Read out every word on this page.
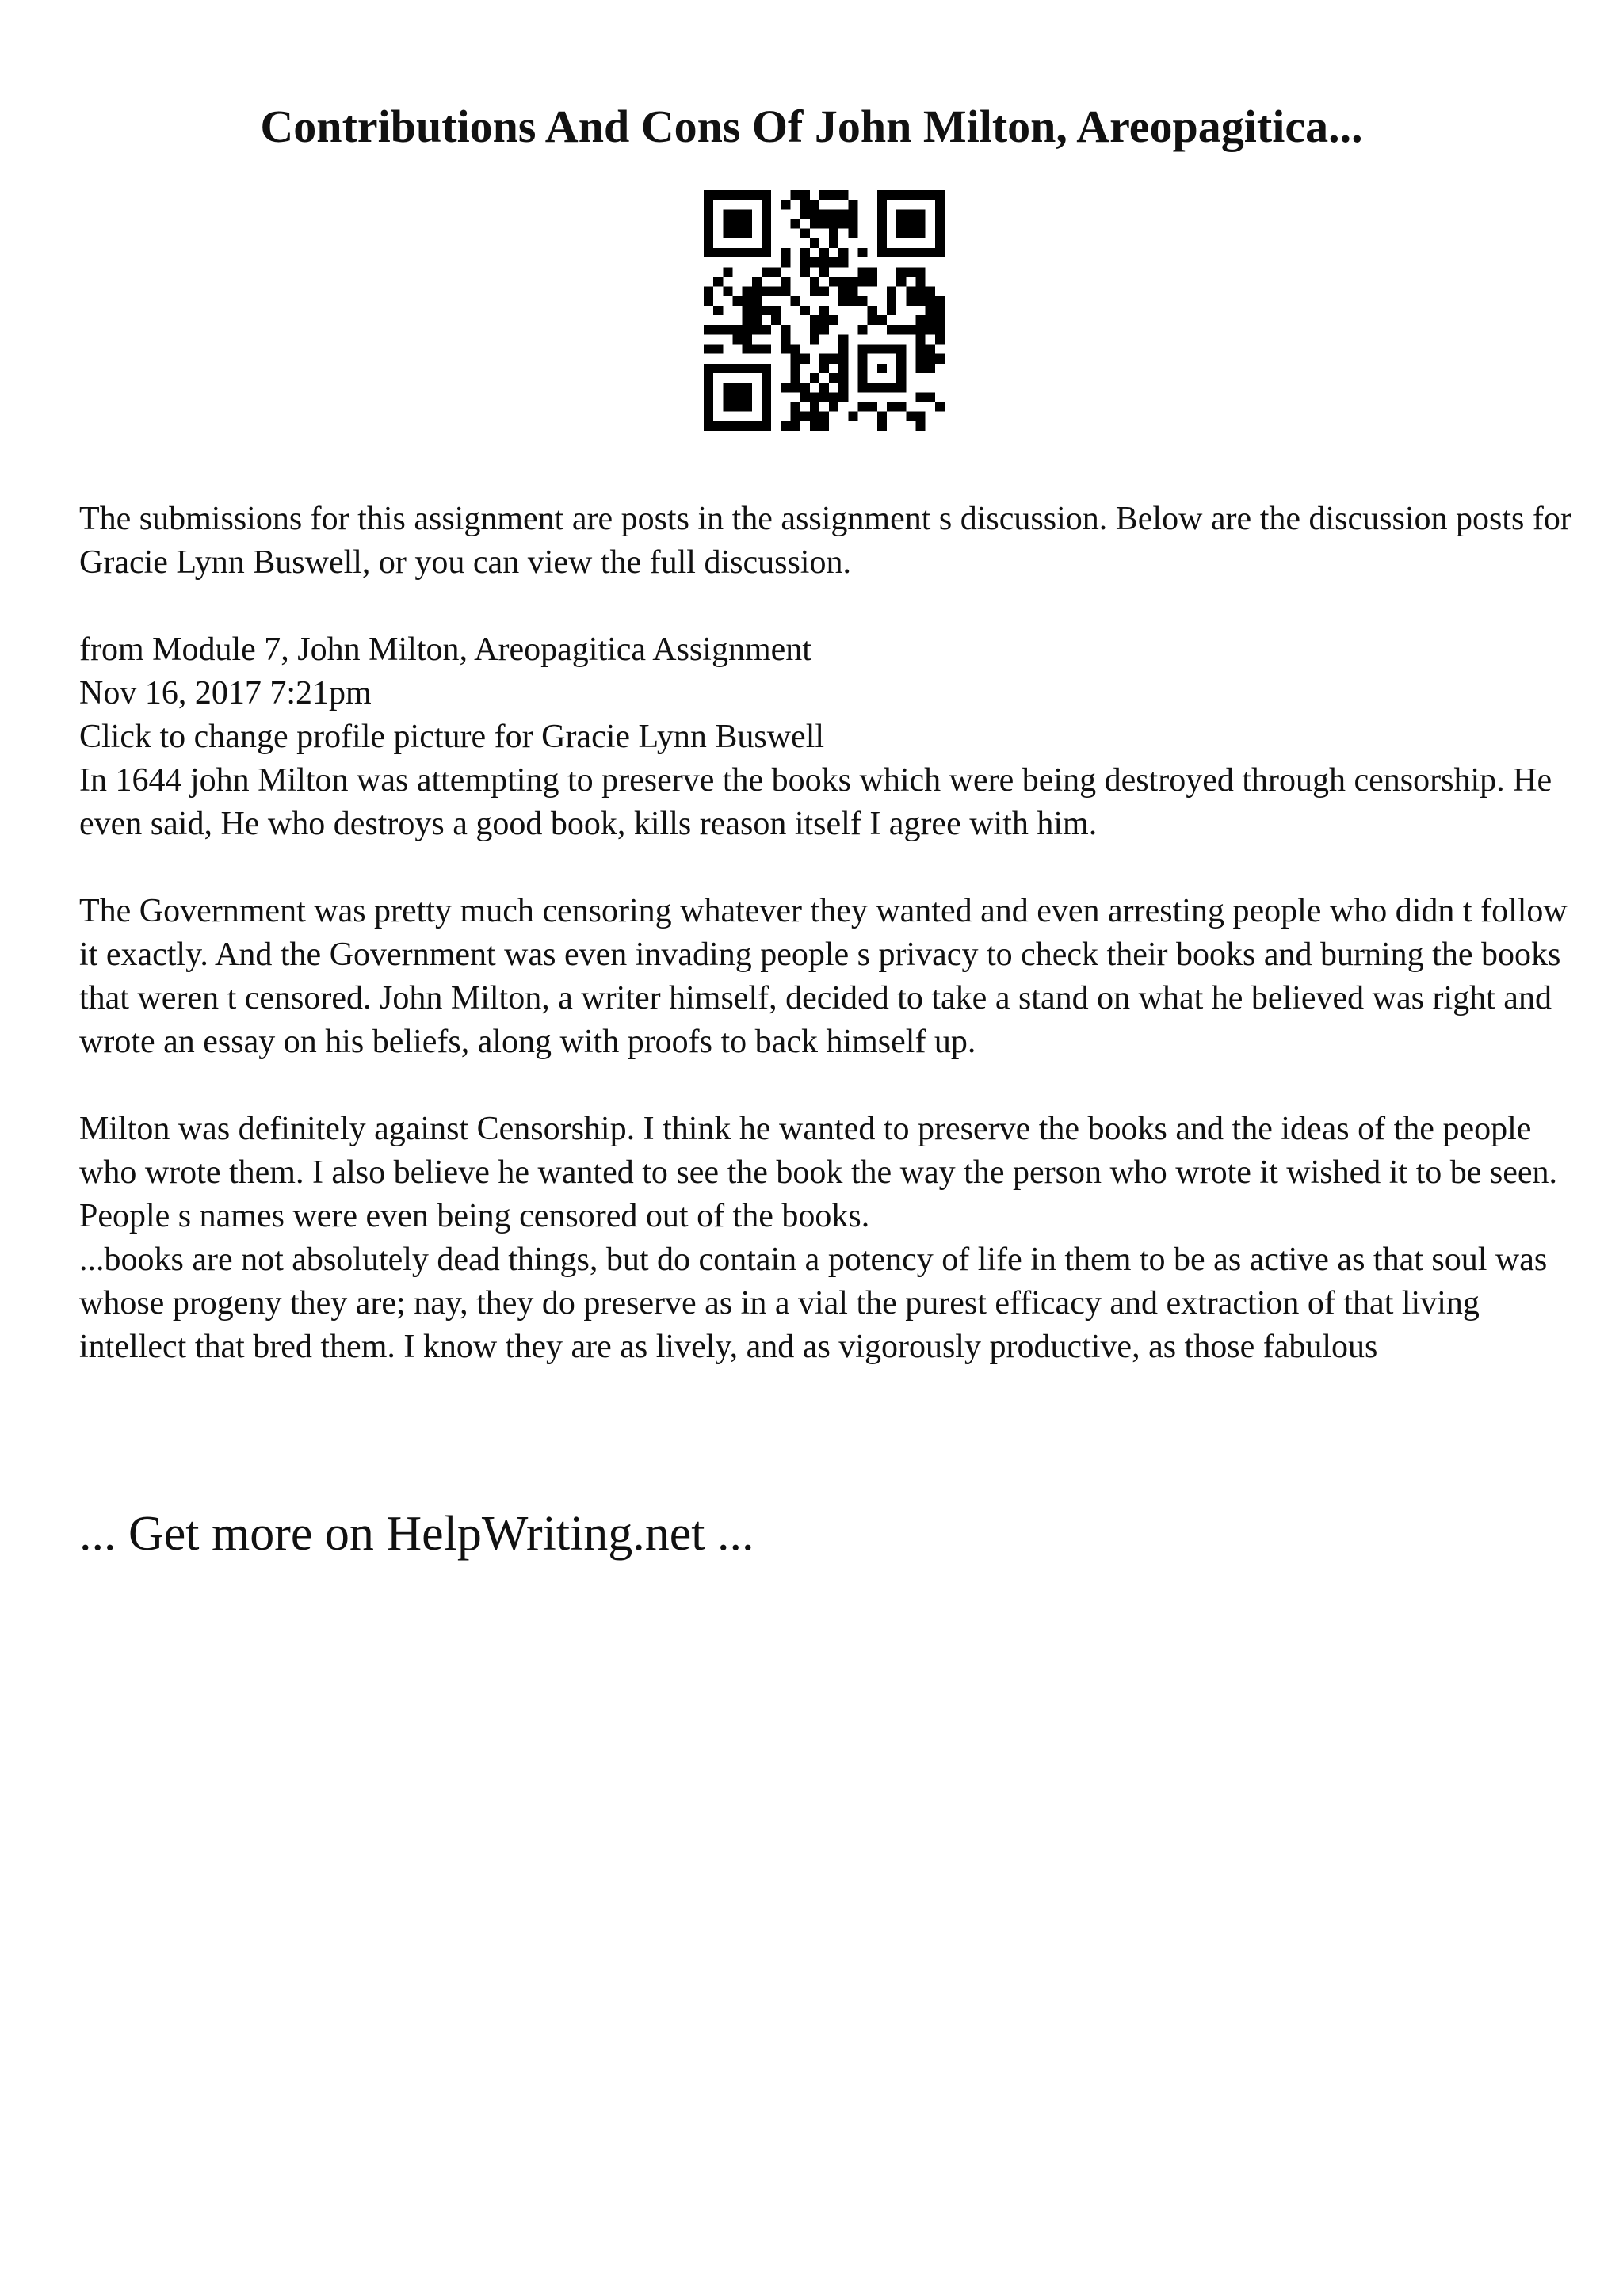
Contributions And Cons Of John Milton, Areopagitica...

The submissions for this assignment are posts in the assignment s discussion. Below are the discussion posts for Gracie Lynn Buswell, or you can view the full discussion.

from Module 7, John Milton, Areopagitica Assignment

Nov 16, 2017 7:21pm

Click to change profile picture for Gracie Lynn Buswell

In 1644 john Milton was attempting to preserve the books which were being destroyed through censorship. He even said, He who destroys a good book, kills reason itself I agree with him.

The Government was pretty much censoring whatever they wanted and even arresting people who didn t follow it exactly. And the Government was even invading people s privacy to check their books and burning the books that weren t censored. John Milton, a writer himself, decided to take a stand on what he believed was right and wrote an essay on his beliefs, along with proofs to back himself up.

Milton was definitely against Censorship. I think he wanted to preserve the books and the ideas of the people who wrote them. I also believe he wanted to see the book the way the person who wrote it wished it to be seen. People s names were even being censored out of the books.

...books are not absolutely dead things, but do contain a potency of life in them to be as active as that soul was whose progeny they are; nay, they do preserve as in a vial the purest efficacy and extraction of that living intellect that bred them. I know they are as lively, and as vigorously productive, as those fabulous

... Get more on HelpWriting.net ...
